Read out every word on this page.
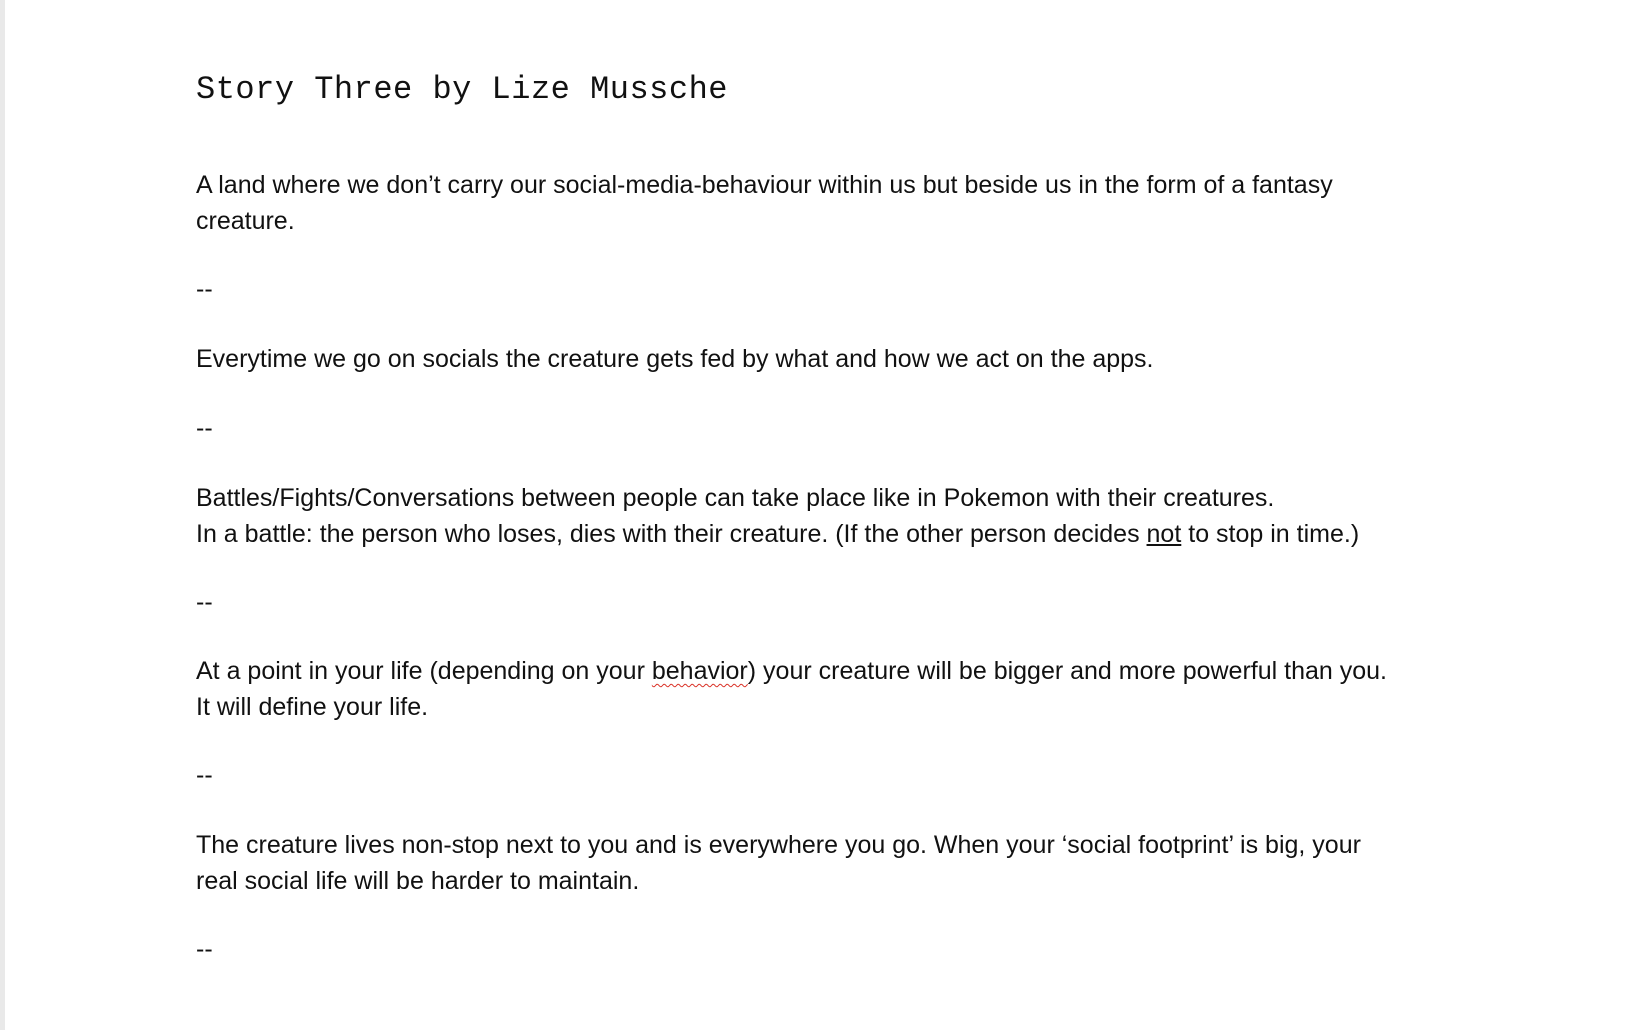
Story Three by Lize Mussche

A land where we don’t carry our social-media-behaviour within us but beside us in the form of a fantasy
creature.

--

Everytime we go on socials the creature gets fed by what and how we act on the apps.

--

Battles/Fights/Conversations between people can take place like in Pokemon with their creatures.
In a battle: the person who loses, dies with their creature. (If the other person decides not to stop in time.)

--

At a point in your life (depending on your behavior) your creature will be bigger and more powerful than you.
It will define your life.

--

The creature lives non-stop next to you and is everywhere you go. When your ‘social footprint’ is big, your
real social life will be harder to maintain.

--
